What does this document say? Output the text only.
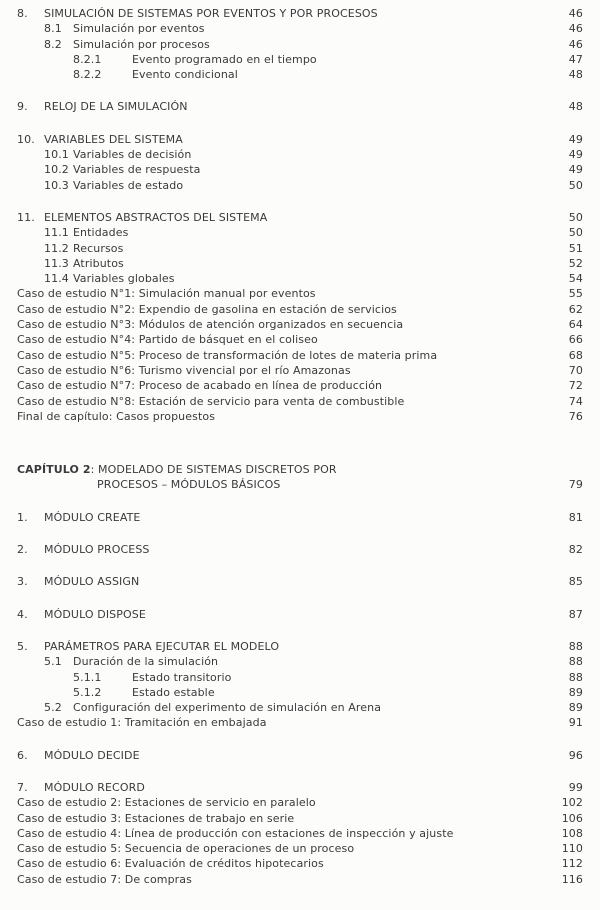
8.	SIMULACIÓN DE SISTEMAS POR EVENTOS Y POR PROCESOS	46
8.1	Simulación por eventos	46
8.2	Simulación por procesos	46
8.2.1	Evento programado en el tiempo	47
8.2.2	Evento condicional	48
9.	RELOJ DE LA SIMULACIÓN	48
10. VARIABLES DEL SISTEMA	49
10.1 Variables de decisión	49
10.2 Variables de respuesta	49
10.3 Variables de estado	50
11. ELEMENTOS ABSTRACTOS DEL SISTEMA	50
11.1 Entidades	50
11.2 Recursos	51
11.3 Atributos	52
11.4 Variables globales	54
Caso de estudio N°1: Simulación manual por eventos	55
Caso de estudio N°2: Expendio de gasolina en estación de servicios	62
Caso de estudio N°3: Módulos de atención organizados en secuencia	64
Caso de estudio N°4: Partido de básquet en el coliseo	66
Caso de estudio N°5: Proceso de transformación de lotes de materia prima	68
Caso de estudio N°6: Turismo vivencial por el río Amazonas	70
Caso de estudio N°7: Proceso de acabado en línea de producción	72
Caso de estudio N°8: Estación de servicio para venta de combustible	74
Final de capítulo: Casos propuestos	76
CAPÍTULO 2: MODELADO DE SISTEMAS DISCRETOS POR
PROCESOS – MÓDULOS BÁSICOS	79
1.	MÓDULO CREATE	81
2.	MÓDULO PROCESS	82
3.	MÓDULO ASSIGN	85
4.	MÓDULO DISPOSE	87
5.	PARÁMETROS PARA EJECUTAR EL MODELO	88
5.1	Duración de la simulación	88
5.1.1	Estado transitorio	88
5.1.2	Estado estable	89
5.2	Configuración del experimento de simulación en Arena	89
Caso de estudio 1: Tramitación en embajada	91
6.	MÓDULO DECIDE	96
7.	MÓDULO RECORD	99
Caso de estudio 2: Estaciones de servicio en paralelo	102
Caso de estudio 3: Estaciones de trabajo en serie	106
Caso de estudio 4: Línea de producción con estaciones de inspección y ajuste	108
Caso de estudio 5: Secuencia de operaciones de un proceso	110
Caso de estudio 6: Evaluación de créditos hipotecarios	112
Caso de estudio 7: De compras	116
